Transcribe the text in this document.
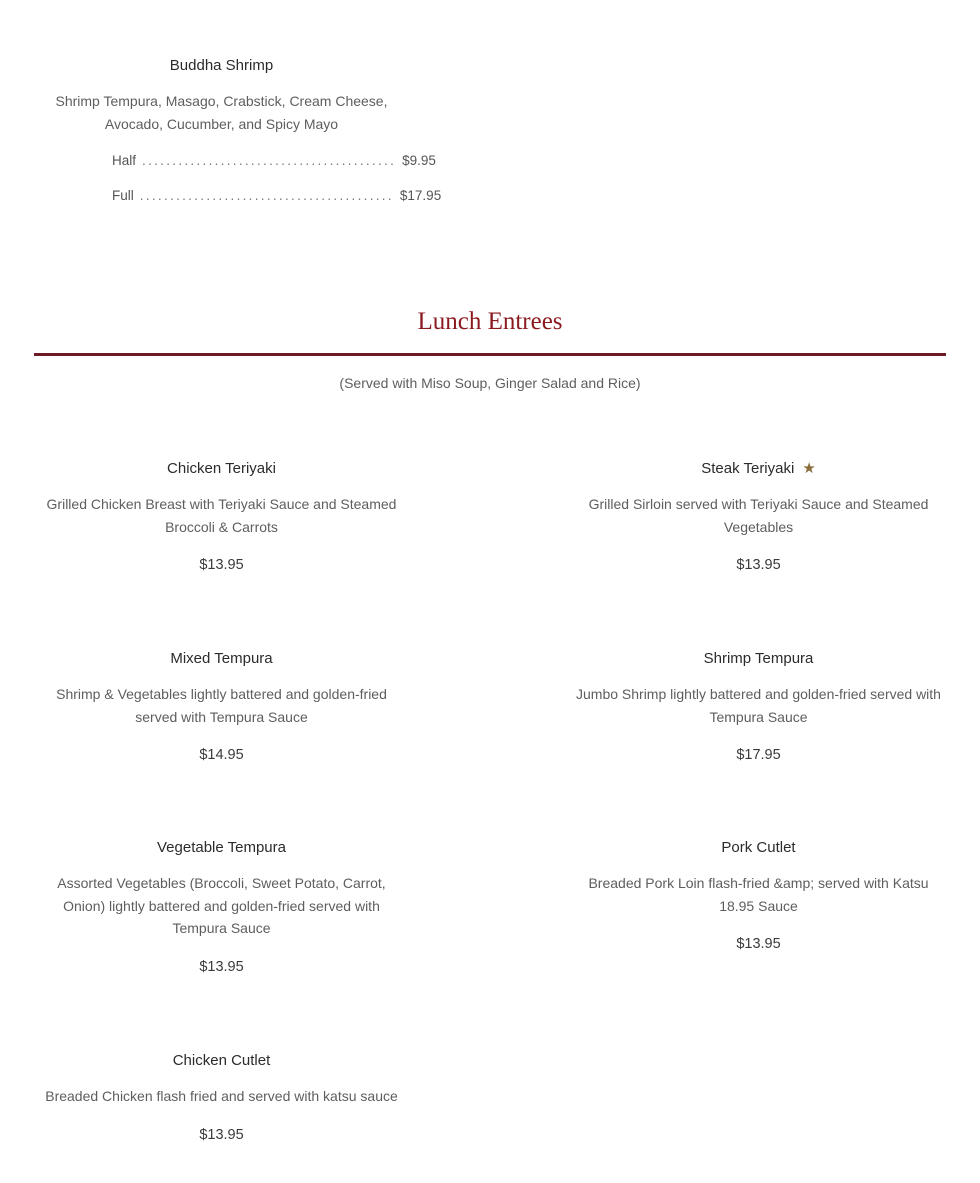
Buddha Shrimp

Shrimp Tempura, Masago, Crabstick, Cream Cheese, Avocado, Cucumber, and Spicy Mayo

Half .......................................... $9.95
Full .......................................... $17.95
Lunch Entrees
(Served with Miso Soup, Ginger Salad and Rice)

Chicken Teriyaki

Grilled Chicken Breast with Teriyaki Sauce and Steamed Broccoli & Carrots

$13.95

Steak Teriyaki ★

Grilled Sirloin served with Teriyaki Sauce and Steamed Vegetables

$13.95

Mixed Tempura

Shrimp & Vegetables lightly battered and golden-fried served with Tempura Sauce

$14.95

Shrimp Tempura

Jumbo Shrimp lightly battered and golden-fried served with Tempura Sauce

$17.95

Vegetable Tempura

Assorted Vegetables (Broccoli, Sweet Potato, Carrot, Onion) lightly battered and golden-fried served with Tempura Sauce

$13.95

Pork Cutlet

Breaded Pork Loin flash-fried &amp; served with Katsu 18.95 Sauce

$13.95

Chicken Cutlet

Breaded Chicken flash fried and served with katsu sauce

$13.95
